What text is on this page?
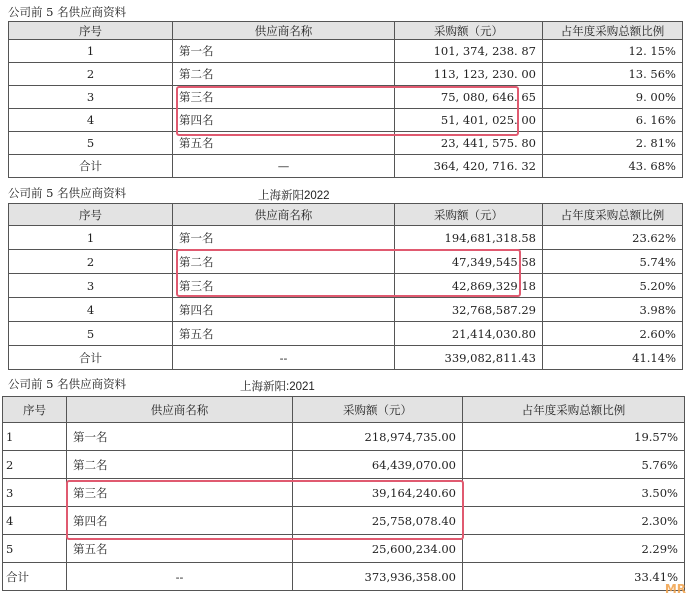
公司前 5 名供应商资料
序号	供应商名称	采购额（元）	占年度采购总额比例
1	第一名	101, 374, 238. 87	12. 15%
2	第二名	113, 123, 230. 00	13. 56%
3	第三名	75, 080, 646. 65	9. 00%
4	第四名	51, 401, 025. 00	6. 16%
5	第五名	23, 441, 575. 80	2. 81%
合计	—	364, 420, 716. 32	43. 68%
公司前 5 名供应商资料	上海新阳2022
序号	供应商名称	采购额（元）	占年度采购总额比例
1	第一名	194,681,318.58	23.62%
2	第二名	47,349,545.58	5.74%
3	第三名	42,869,329.18	5.20%
4	第四名	32,768,587.29	3.98%
5	第五名	21,414,030.80	2.60%
合计	--	339,082,811.43	41.14%
公司前 5 名供应商资料	上海新阳:2021
序号	供应商名称	采购额（元）	占年度采购总额比例
1	第一名	218,974,735.00	19.57%
2	第二名	64,439,070.00	5.76%
3	第三名	39,164,240.60	3.50%
4	第四名	25,758,078.40	2.30%
5	第五名	25,600,234.00	2.29%
合计	--	373,936,358.00	33.41%
MR
